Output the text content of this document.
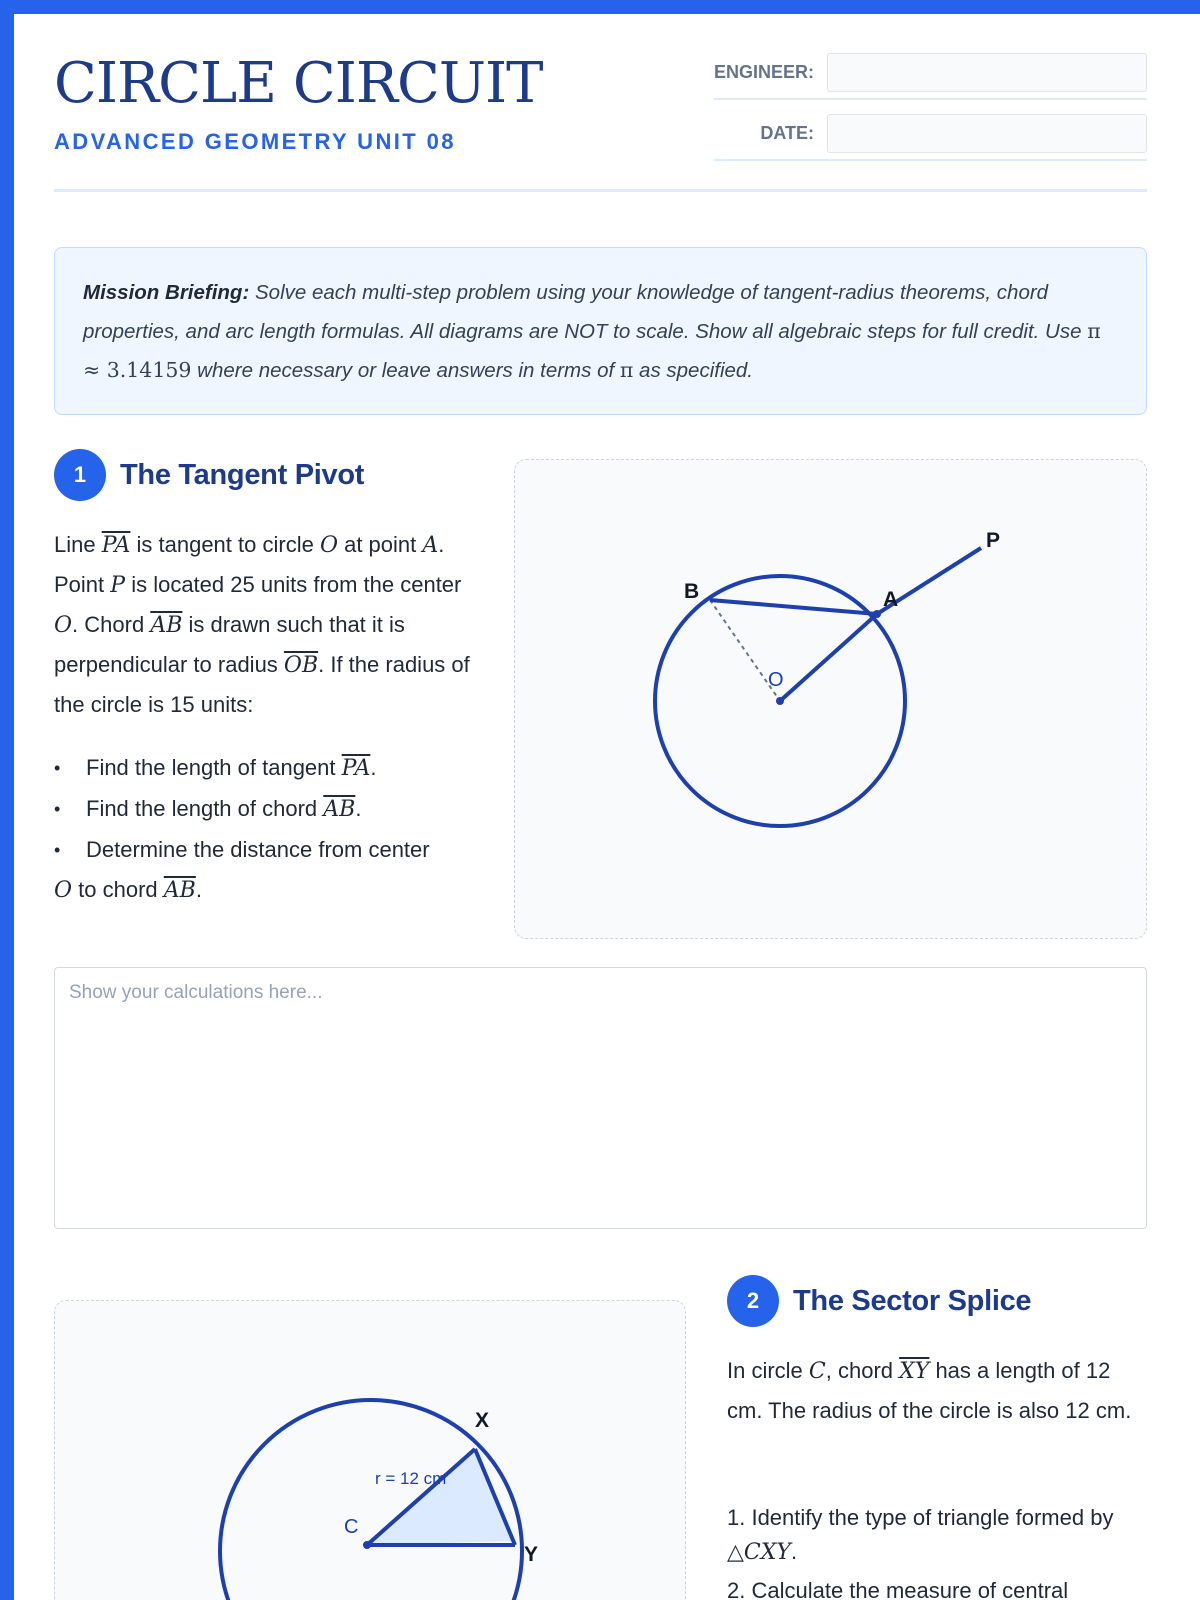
CIRCLE CIRCUIT
ADVANCED GEOMETRY UNIT 08
ENGINEER:
DATE:
Mission Briefing: Solve each multi-step problem using your knowledge of tangent-radius theorems, chord properties, and arc length formulas. All diagrams are NOT to scale. Show all algebraic steps for full credit. Use π ≈ 3.14159 where necessary or leave answers in terms of π as specified.
1	The Tangent Pivot
Line $\overline{PA}$ is tangent to circle O at point A. Point P is located 25 units from the center O. Chord $\overline{AB}$ is drawn such that it is perpendicular to radius $\overline{OB}$. If the radius of the circle is 15 units:
• Find the length of tangent $\overline{PA}$.
• Find the length of chord $\overline{AB}$.
• Determine the distance from center
O to chord $\overline{AB}$.
B	A
P
O
Show your calculations here...
C
X
Y
r = 12 cm
2	The Sector Splice
In circle C, chord $\overline{XY}$ has a length of 12 cm. The radius of the circle is also 12 cm.
1. Identify the type of triangle formed by
△CXY.
2. Calculate the measure of central
